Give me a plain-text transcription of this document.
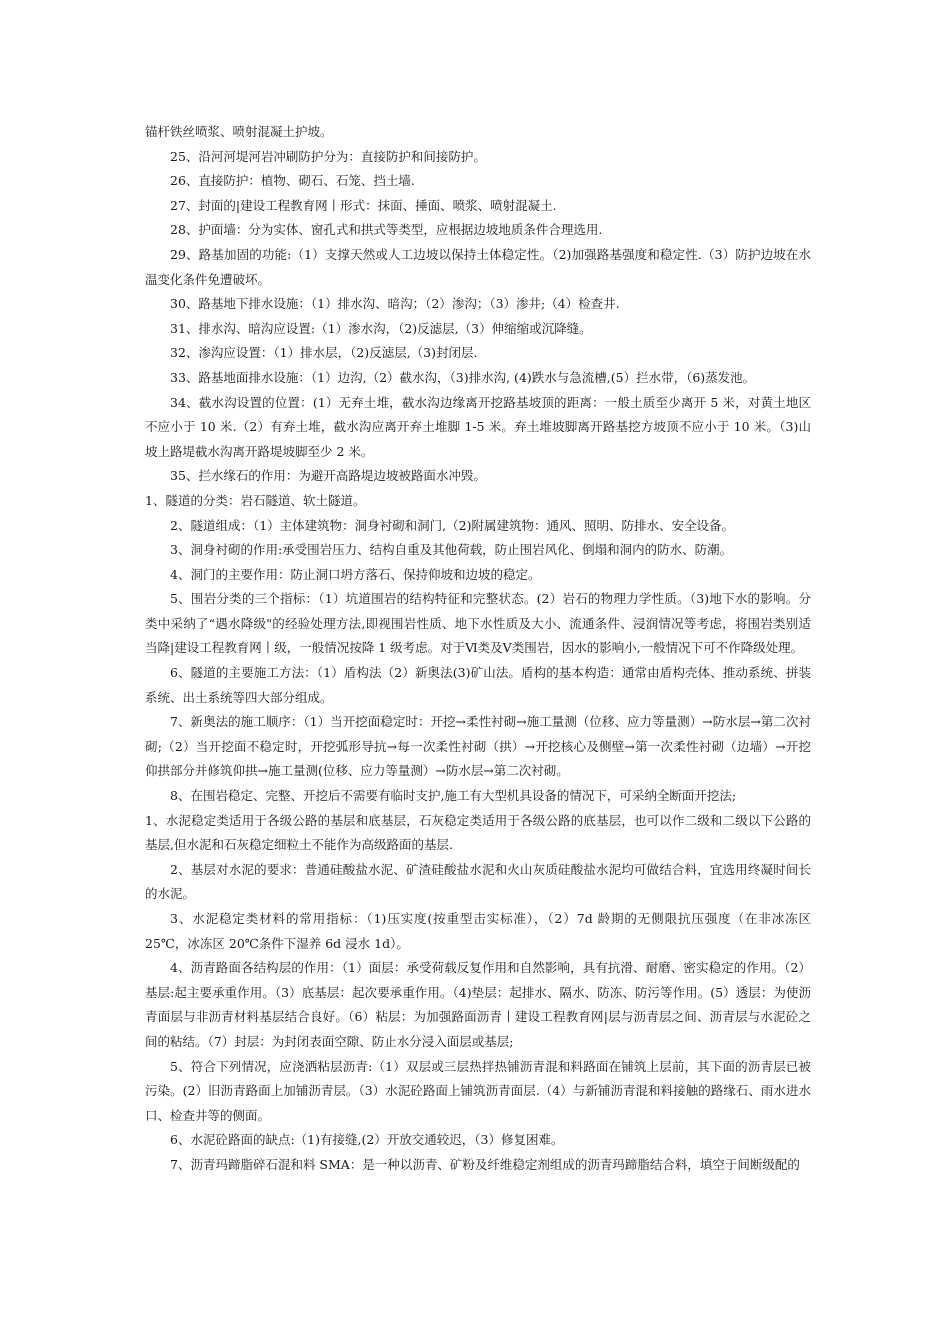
锚杆铁丝喷浆、喷射混凝土护坡。

25、沿河河堤河岩冲刷防护分为：直接防护和间接防护。

26、直接防护：植物、砌石、石笼、挡土墙.

27、封面的|建设工程教育网丨形式：抹面、捶面、喷浆、喷射混凝土.

28、护面墙：分为实体、窗孔式和拱式等类型，应根据边坡地质条件合理选用.

29、路基加固的功能:（1）支撑天然或人工边坡以保持土体稳定性。（2)加强路基强度和稳定性.（3）防护边坡在水温变化条件免遭破坏。

30、路基地下排水设施：（1）排水沟、暗沟；（2）渗沟；（3）渗井;（4）检查井.

31、排水沟、暗沟应设置:（1）渗水沟，（2)反滤层,（3）伸缩缩或沉降缝。

32、渗沟应设置：（1）排水层，（2)反滤层,（3)封闭层.

33、路基地面排水设施：（1）边沟,（2）截水沟，（3)排水沟, (4)跌水与急流槽,(5）拦水带，（6)蒸发池。

34、截水沟设置的位置：(1）无弃土堆，截水沟边缘离开挖路基坡顶的距离：一般土质至少离开 5 米，对黄土地区不应小于 10 米.（2）有弃土堆，截水沟应离开弃土堆脚 1-5 米。弃土堆坡脚离开路基挖方坡顶不应小于 10 米。（3)山坡上路堤截水沟离开路堤坡脚至少 2 米。

35、拦水缘石的作用：为避开高路堤边坡被路面水冲毁。

1、隧道的分类：岩石隧道、软土隧道。

2、隧道组成：（1）主体建筑物：洞身衬砌和洞门,（2)附属建筑物：通风、照明、防排水、安全设备。

3、洞身衬砌的作用:承受围岩压力、结构自重及其他荷载，防止围岩风化、倒塌和洞内的防水、防潮。

4、洞门的主要作用：防止洞口坍方落石、保持仰坡和边坡的稳定。

5、围岩分类的三个指标：（1）坑道围岩的结构特征和完整状态。(2）岩石的物理力学性质。（3)地下水的影响。分类中采纳了“遇水降级"的经验处理方法,即视围岩性质、地下水性质及大小、流通条件、浸润情况等考虑，将围岩类别适当降|建设工程教育网丨级，一般情况按降 1 级考虑。对于Ⅵ类及Ⅴ类围岩，因水的影响小,一般情况下可不作降级处理。

6、隧道的主要施工方法：（1）盾构法（2）新奥法(3)矿山法。盾构的基本构造：通常由盾构壳体、推动系统、拼装系统、出土系统等四大部分组成。

7、新奥法的施工顺序：（1）当开挖面稳定时：开挖→柔性衬砌→施工量测（位移、应力等量测）→防水层→第二次衬砌;（2）当开挖面不稳定时，开挖弧形导抗→每一次柔性衬砌（拱）→开挖核心及侧壁→第一次柔性衬砌（边墙）→开挖仰拱部分并修筑仰拱→施工量测(位移、应力等量测）→防水层→第二次衬砌。

8、在围岩稳定、完整、开挖后不需要有临时支护,施工有大型机具设备的情况下，可采纳全断面开挖法;

1、水泥稳定类适用于各级公路的基层和底基层，石灰稳定类适用于各级公路的底基层，也可以作二级和二级以下公路的基层,但水泥和石灰稳定细粒土不能作为高级路面的基层.

2、基层对水泥的要求：普通硅酸盐水泥、矿渣硅酸盐水泥和火山灰质硅酸盐水泥均可做结合料，宜选用终凝时间长的水泥。

3、水泥稳定类材料的常用指标：（1)压实度(按重型击实标准），（2）7d 龄期的无侧限抗压强度（在非冰冻区 25℃，冰冻区 20℃条件下湿养 6d 浸水 1d）。

4、沥青路面各结构层的作用：（1）面层：承受荷载反复作用和自然影响，具有抗滑、耐磨、密实稳定的作用。（2）基层:起主要承重作用。（3）底基层：起次要承重作用。（4)垫层：起排水、隔水、防冻、防污等作用。(5）透层：为使沥青面层与非沥青材料基层结合良好。（6）粘层：为加强路面沥青丨建设工程教育网|层与沥青层之间、沥青层与水泥砼之间的粘结。（7）封层：为封闭表面空隙、防止水分浸入面层或基层;

5、符合下列情况，应浇洒粘层沥青:（1）双层或三层热拌热铺沥青混和料路面在铺筑上层前，其下面的沥青层已被污染。(2）旧沥青路面上加铺沥青层。（3）水泥砼路面上铺筑沥青面层.（4）与新铺沥青混和料接触的路缘石、雨水进水口、检查井等的侧面。

6、水泥砼路面的缺点:（1)有接缝,(2）开放交通较迟，（3）修复困难。

7、沥青玛蹄脂碎石混和料 SMA：是一种以沥青、矿粉及纤维稳定剂组成的沥青玛蹄脂结合料，填空于间断级配的
